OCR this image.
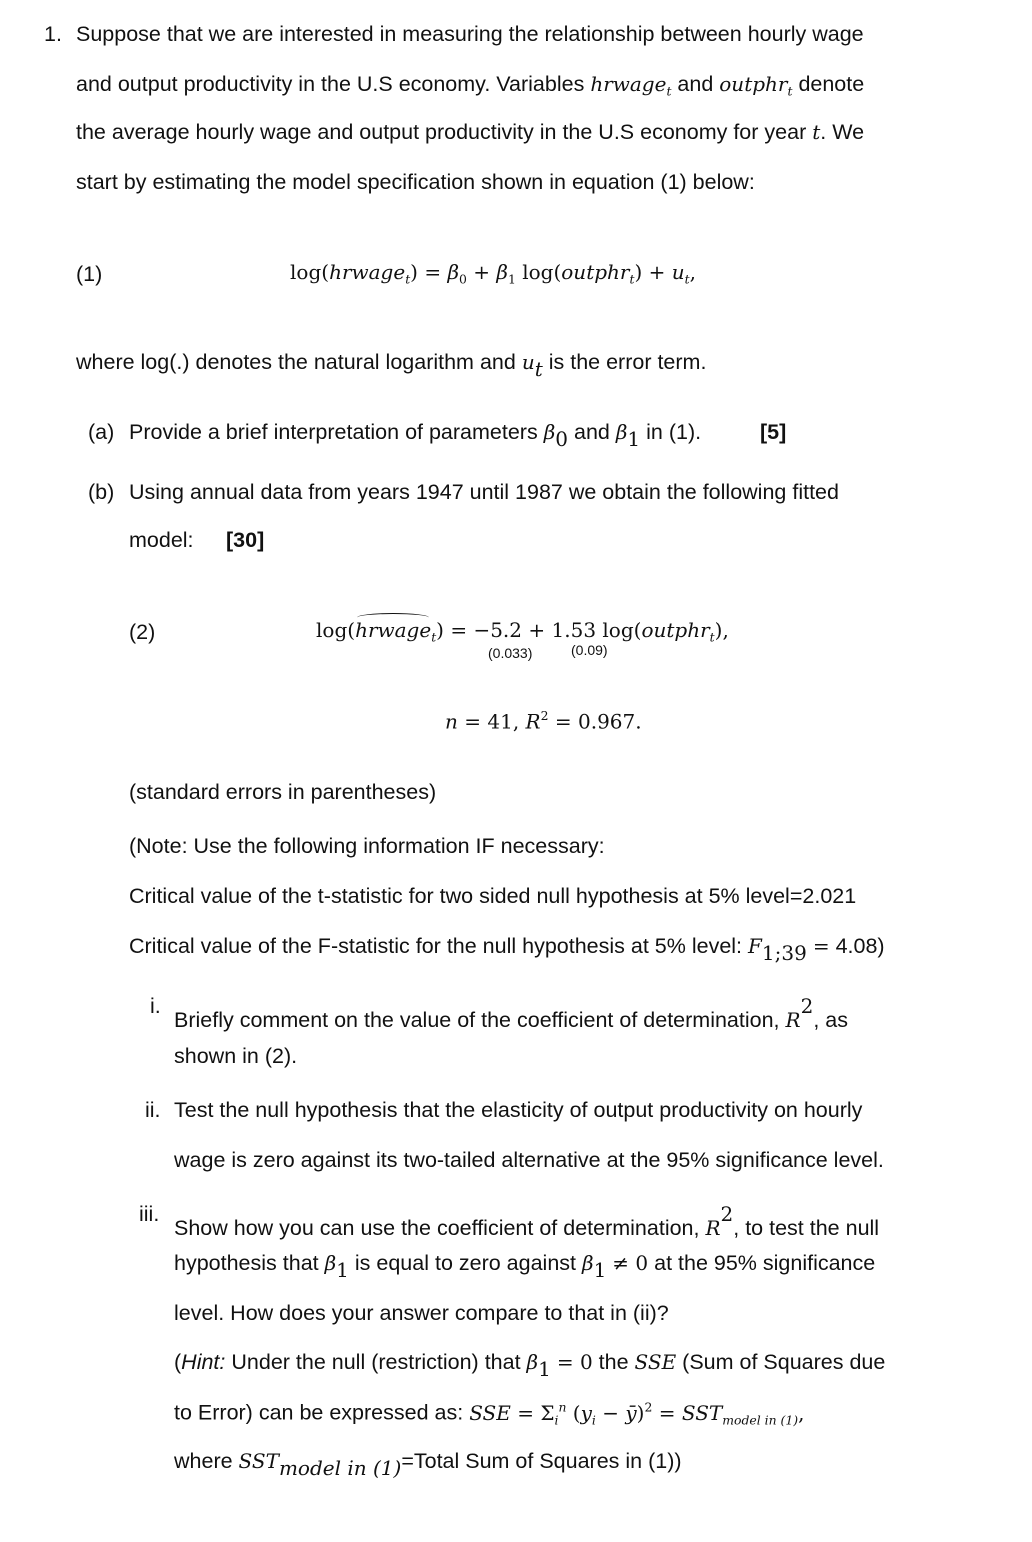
1. Suppose that we are interested in measuring the relationship between hourly wage
and output productivity in the U.S economy. Variables hrwage$_t$ and outphr$_t$ denote
the average hourly wage and output productivity in the U.S economy for year t. We
start by estimating the model specification shown in equation (1) below:
(1)	log(hrwage$_t$) = $\beta_0 + \beta_1$ log(outphr$_t$) + $u_t$,
where log(.) denotes the natural logarithm and $u_t$ is the error term.
(a) Provide a brief interpretation of parameters $\beta_0$ and $\beta_1$ in (1).	[5]
(b) Using annual data from years 1947 until 1987 we obtain the following fitted
model: [30]
(2)	log(hrwage$_t$) = −5.2 + 1.53 log(outphr$_t$),
(0.033)	(0.09)
n = 41, $R^2 = 0.967$.
(standard errors in parentheses)
(Note: Use the following information IF necessary:
Critical value of the t-statistic for two sided null hypothesis at 5% level=2.021
Critical value of the F-statistic for the null hypothesis at 5% level: $F_{1;39} = 4.08$)
i.
Briefly comment on the value of the coefficient of determination, $R^2$, as
shown in (2).
ii. Test the null hypothesis that the elasticity of output productivity on hourly
wage is zero against its two-tailed alternative at the 95% significance level.
iii.
Show how you can use the coefficient of determination, $R^2$, to test the null
hypothesis that $\beta_1$ is equal to zero against $\beta_1 \ne 0$ at the 95% significance
level. How does your answer compare to that in (ii)?
(Hint: Under the null (restriction) that $\beta_1 = 0$ the SSE (Sum of Squares due
to Error) can be expressed as: SSE = $\Sigma_i^n$ ($y_i$ − ȳ)$^2$ = $SST_{model in (1)}$,
where $SST_{model in (1)}=Total$ Sum of Squares in (1))
